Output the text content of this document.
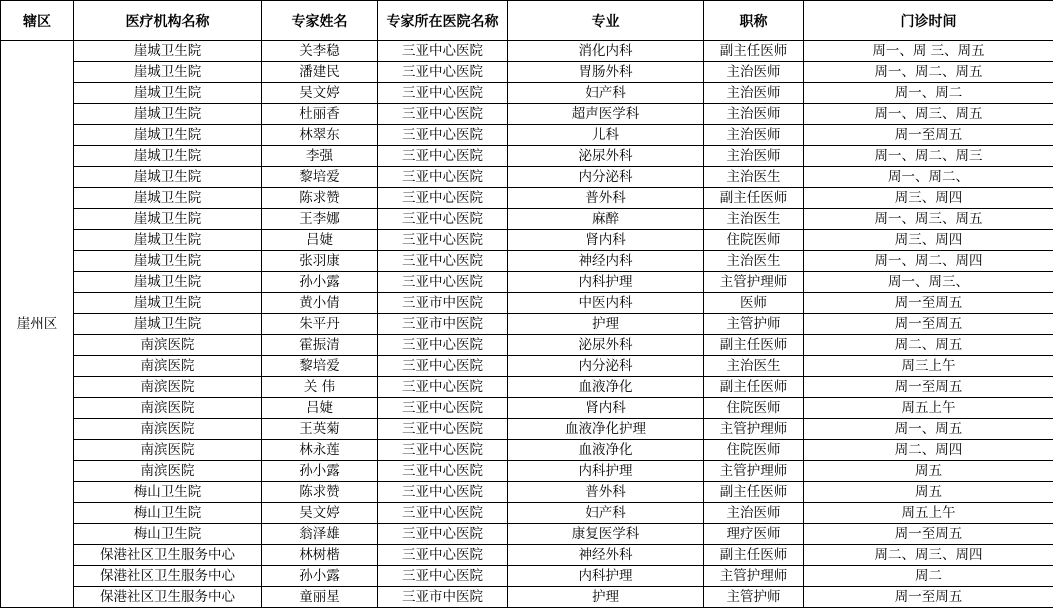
辖区	医疗机构名称	专家姓名	专家所在医院名称	专业	职称	门诊时间
崖州区	崖城卫生院	关李稳	三亚中心医院	消化内科	副主任医师	周一、周 三、周五
	崖城卫生院	潘建民	三亚中心医院	胃肠外科	主治医师	周一、周二、周五
	崖城卫生院	吴文婷	三亚中心医院	妇产科	主治医师	周一、周二
	崖城卫生院	杜丽香	三亚中心医院	超声医学科	主治医师	周一、周三、周五
	崖城卫生院	林翠东	三亚中心医院	儿科	主治医师	周一至周五
	崖城卫生院	李强	三亚中心医院	泌尿外科	主治医师	周一、周二、周三
	崖城卫生院	黎培爱	三亚中心医院	内分泌科	主治医生	周一、周二、
	崖城卫生院	陈求赞	三亚中心医院	普外科	副主任医师	周三、周四
	崖城卫生院	王李娜	三亚中心医院	麻醉	主治医生	周一、周三、周五
	崖城卫生院	吕婕	三亚中心医院	肾内科	住院医师	周三、周四
	崖城卫生院	张羽康	三亚中心医院	神经内科	主治医生	周一、周二、周四
	崖城卫生院	孙小露	三亚中心医院	内科护理	主管护理师	周一、周三、
	崖城卫生院	黄小倩	三亚市中医院	中医内科	医师	周一至周五
	崖城卫生院	朱平丹	三亚市中医院	护理	主管护师	周一至周五
	南滨医院	霍振清	三亚中心医院	泌尿外科	副主任医师	周二、周五
	南滨医院	黎培爱	三亚中心医院	内分泌科	主治医生	周三上午
	南滨医院	关 伟	三亚中心医院	血液净化	副主任医师	周一至周五
	南滨医院	吕婕	三亚中心医院	肾内科	住院医师	周五上午
	南滨医院	王英菊	三亚中心医院	血液净化护理	主管护理师	周一、周五
	南滨医院	林永莲	三亚中心医院	血液净化	住院医师	周二、周四
	南滨医院	孙小露	三亚中心医院	内科护理	主管护理师	周五
	梅山卫生院	陈求赞	三亚中心医院	普外科	副主任医师	周五
	梅山卫生院	吴文婷	三亚中心医院	妇产科	主治医师	周五上午
	梅山卫生院	翁泽雄	三亚中心医院	康复医学科	理疗医师	周一至周五
	保港社区卫生服务中心	林树楷	三亚中心医院	神经外科	副主任医师	周二、周三、周四
	保港社区卫生服务中心	孙小露	三亚中心医院	内科护理	主管护理师	周二
	保港社区卫生服务中心	童丽星	三亚市中医院	护理	主管护师	周一至周五
